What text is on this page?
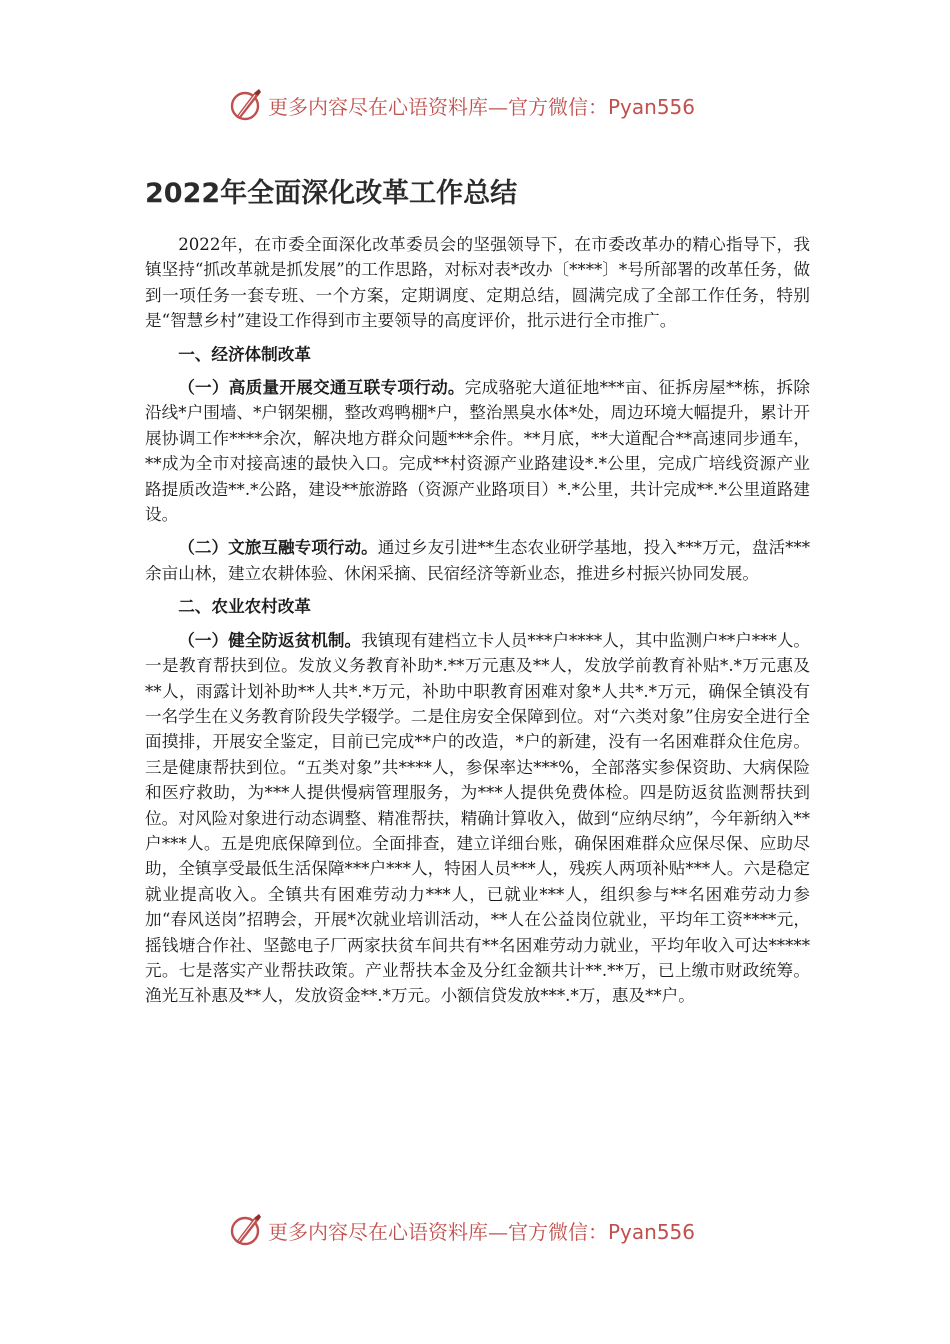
更多内容尽在心语资料库—官方微信：Pyan556
2022年全面深化改革工作总结

2022年，在市委全面深化改革委员会的坚强领导下，在市委改革办的精心指导下，我镇坚持“抓改革就是抓发展”的工作思路，对标对表*改办〔****〕*号所部署的改革任务，做到一项任务一套专班、一个方案，定期调度、定期总结，圆满完成了全部工作任务，特别是“智慧乡村”建设工作得到市主要领导的高度评价，批示进行全市推广。

一、经济体制改革

（一）高质量开展交通互联专项行动。完成骆驼大道征地***亩、征拆房屋**栋，拆除沿线*户围墙、*户钢架棚，整改鸡鸭棚*户，整治黑臭水体*处，周边环境大幅提升，累计开展协调工作****余次，解决地方群众问题***余件。**月底，**大道配合**高速同步通车，**成为全市对接高速的最快入口。完成**村资源产业路建设*.*公里，完成广培线资源产业路提质改造**.*公路，建设**旅游路（资源产业路项目）*.*公里，共计完成**.*公里道路建设。

（二）文旅互融专项行动。通过乡友引进**生态农业研学基地，投入***万元，盘活***余亩山林，建立农耕体验、休闲采摘、民宿经济等新业态，推进乡村振兴协同发展。

二、农业农村改革

（一）健全防返贫机制。我镇现有建档立卡人员***户****人，其中监测户**户***人。一是教育帮扶到位。发放义务教育补助*.**万元惠及**人，发放学前教育补贴*.*万元惠及**人，雨露计划补助**人共*.*万元，补助中职教育困难对象*人共*.*万元，确保全镇没有一名学生在义务教育阶段失学辍学。二是住房安全保障到位。对“六类对象”住房安全进行全面摸排，开展安全鉴定，目前已完成**户的改造，*户的新建，没有一名困难群众住危房。三是健康帮扶到位。“五类对象”共****人，参保率达***%，全部落实参保资助、大病保险和医疗救助，为***人提供慢病管理服务，为***人提供免费体检。四是防返贫监测帮扶到位。对风险对象进行动态调整、精准帮扶，精确计算收入，做到“应纳尽纳”，今年新纳入**户***人。五是兜底保障到位。全面排查，建立详细台账，确保困难群众应保尽保、应助尽助，全镇享受最低生活保障***户***人，特困人员***人，残疾人两项补贴***人。六是稳定就业提高收入。全镇共有困难劳动力***人，已就业***人，组织参与**名困难劳动力参加“春风送岗”招聘会，开展*次就业培训活动，**人在公益岗位就业，平均年工资****元，摇钱塘合作社、坚懿电子厂两家扶贫车间共有**名困难劳动力就业，平均年收入可达*****元。七是落实产业帮扶政策。产业帮扶本金及分红金额共计**.**万，已上缴市财政统筹。渔光互补惠及**人，发放资金**.*万元。小额信贷发放***.*万，惠及**户。

更多内容尽在心语资料库—官方微信：Pyan556
